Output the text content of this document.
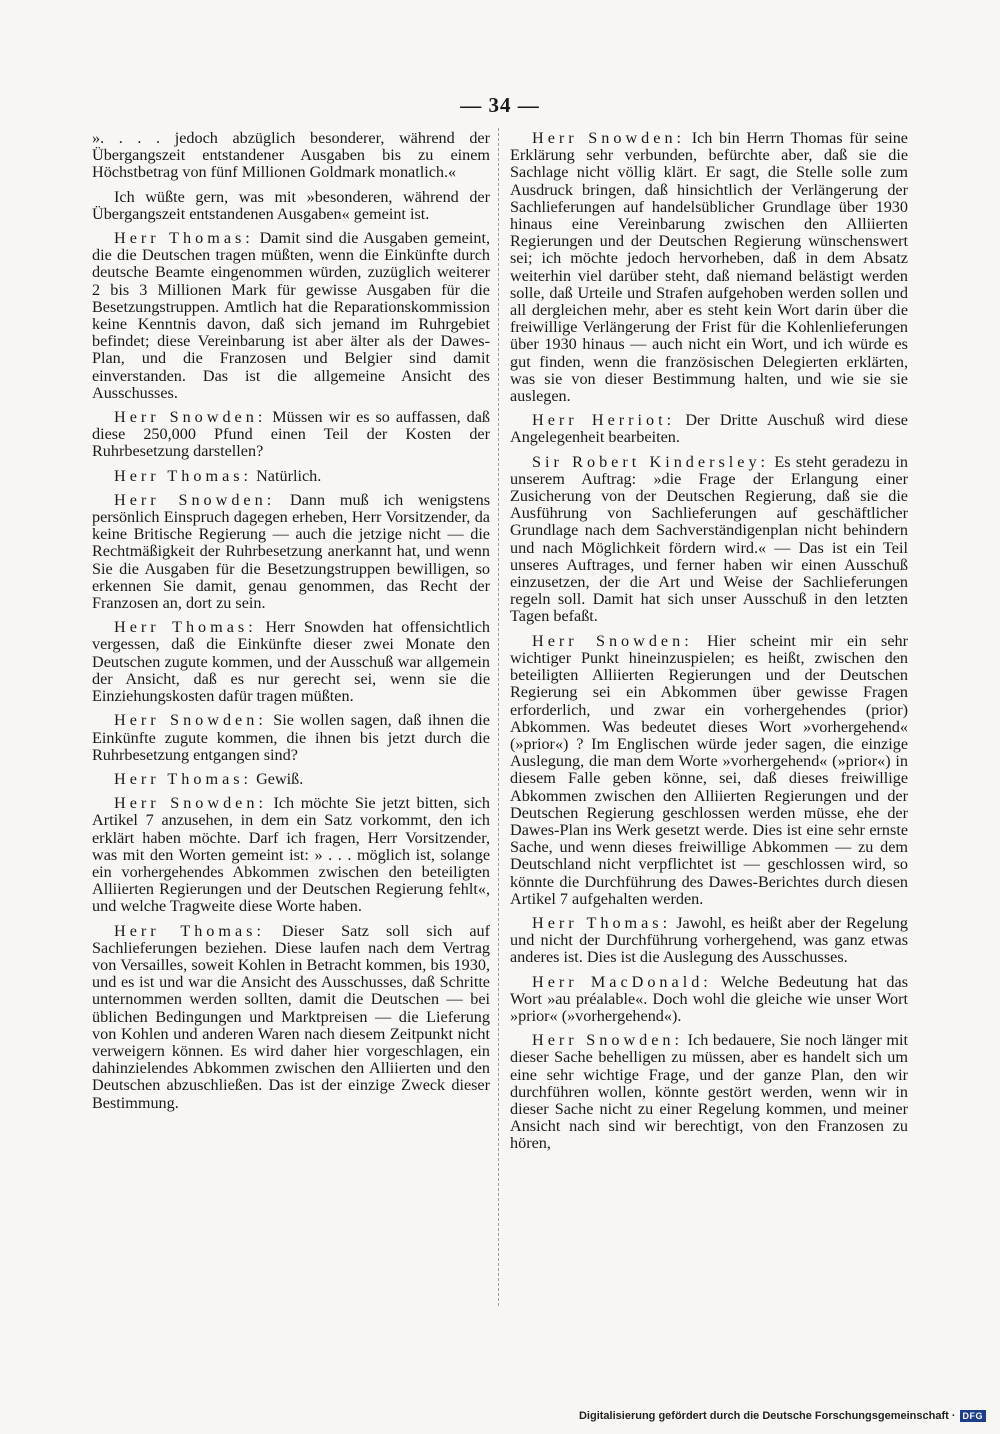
— 34 —

». . . . jedoch abzüglich besonderer, während der Übergangszeit entstandener Ausgaben bis zu einem Höchstbetrag von fünf Millionen Goldmark monatlich.«

Ich wüßte gern, was mit »besonderen, während der Übergangszeit entstandenen Ausgaben« gemeint ist.

Herr Thomas: Damit sind die Ausgaben gemeint, die die Deutschen tragen müßten, wenn die Einkünfte durch deutsche Beamte eingenommen würden, zuzüglich weiterer 2 bis 3 Millionen Mark für gewisse Ausgaben für die Besetzungstruppen. Amtlich hat die Reparationskommission keine Kenntnis davon, daß sich jemand im Ruhrgebiet befindet; diese Vereinbarung ist aber älter als der Dawes-Plan, und die Franzosen und Belgier sind damit einverstanden. Das ist die allgemeine Ansicht des Ausschusses.

Herr Snowden: Müssen wir es so auffassen, daß diese 250,000 Pfund einen Teil der Kosten der Ruhrbesetzung darstellen?

Herr Thomas: Natürlich.

Herr Snowden: Dann muß ich wenigstens persönlich Einspruch dagegen erheben, Herr Vorsitzender, da keine Britische Regierung — auch die jetzige nicht — die Rechtmäßigkeit der Ruhrbesetzung anerkannt hat, und wenn Sie die Ausgaben für die Besetzungstruppen bewilligen, so erkennen Sie damit, genau genommen, das Recht der Franzosen an, dort zu sein.

Herr Thomas: Herr Snowden hat offensichtlich vergessen, daß die Einkünfte dieser zwei Monate den Deutschen zugute kommen, und der Ausschuß war allgemein der Ansicht, daß es nur gerecht sei, wenn sie die Einziehungskosten dafür tragen müßten.

Herr Snowden: Sie wollen sagen, daß ihnen die Einkünfte zugute kommen, die ihnen bis jetzt durch die Ruhrbesetzung entgangen sind?

Herr Thomas: Gewiß.

Herr Snowden: Ich möchte Sie jetzt bitten, sich Artikel 7 anzusehen, in dem ein Satz vorkommt, den ich erklärt haben möchte. Darf ich fragen, Herr Vorsitzender, was mit den Worten gemeint ist: » . . . möglich ist, solange ein vorhergehendes Abkommen zwischen den beteiligten Alliierten Regierungen und der Deutschen Regierung fehlt«, und welche Tragweite diese Worte haben.

Herr Thomas: Dieser Satz soll sich auf Sachlieferungen beziehen. Diese laufen nach dem Vertrag von Versailles, soweit Kohlen in Betracht kommen, bis 1930, und es ist und war die Ansicht des Ausschusses, daß Schritte unternommen werden sollten, damit die Deutschen — bei üblichen Bedingungen und Marktpreisen — die Lieferung von Kohlen und anderen Waren nach diesem Zeitpunkt nicht verweigern können. Es wird daher hier vorgeschlagen, ein dahinzielendes Abkommen zwischen den Alliierten und den Deutschen abzuschließen. Das ist der einzige Zweck dieser Bestimmung.

Herr Snowden: Ich bin Herrn Thomas für seine Erklärung sehr verbunden, befürchte aber, daß sie die Sachlage nicht völlig klärt. Er sagt, die Stelle solle zum Ausdruck bringen, daß hinsichtlich der Verlängerung der Sachlieferungen auf handelsüblicher Grundlage über 1930 hinaus eine Vereinbarung zwischen den Alliierten Regierungen und der Deutschen Regierung wünschenswert sei; ich möchte jedoch hervorheben, daß in dem Absatz weiterhin viel darüber steht, daß niemand belästigt werden solle, daß Urteile und Strafen aufgehoben werden sollen und all dergleichen mehr, aber es steht kein Wort darin über die freiwillige Verlängerung der Frist für die Kohlenlieferungen über 1930 hinaus — auch nicht ein Wort, und ich würde es gut finden, wenn die französischen Delegierten erklärten, was sie von dieser Bestimmung halten, und wie sie sie auslegen.

Herr Herriot: Der Dritte Auschuß wird diese Angelegenheit bearbeiten.

Sir Robert Kindersley: Es steht geradezu in unserem Auftrag: »die Frage der Erlangung einer Zusicherung von der Deutschen Regierung, daß sie die Ausführung von Sachlieferungen auf geschäftlicher Grundlage nach dem Sachverständigenplan nicht behindern und nach Möglichkeit fördern wird.« — Das ist ein Teil unseres Auftrages, und ferner haben wir einen Ausschuß einzusetzen, der die Art und Weise der Sachlieferungen regeln soll. Damit hat sich unser Ausschuß in den letzten Tagen befaßt.

Herr Snowden: Hier scheint mir ein sehr wichtiger Punkt hineinzuspielen; es heißt, zwischen den beteiligten Alliierten Regierungen und der Deutschen Regierung sei ein Abkommen über gewisse Fragen erforderlich, und zwar ein vorhergehendes (prior) Abkommen. Was bedeutet dieses Wort »vorhergehend« (»prior«) ? Im Englischen würde jeder sagen, die einzige Auslegung, die man dem Worte »vorhergehend« (»prior«) in diesem Falle geben könne, sei, daß dieses freiwillige Abkommen zwischen den Alliierten Regierungen und der Deutschen Regierung geschlossen werden müsse, ehe der Dawes-Plan ins Werk gesetzt werde. Dies ist eine sehr ernste Sache, und wenn dieses freiwillige Abkommen — zu dem Deutschland nicht verpflichtet ist — geschlossen wird, so könnte die Durchführung des Dawes-Berichtes durch diesen Artikel 7 aufgehalten werden.

Herr Thomas: Jawohl, es heißt aber der Regelung und nicht der Durchführung vorhergehend, was ganz etwas anderes ist. Dies ist die Auslegung des Ausschusses.

Herr MacDonald: Welche Bedeutung hat das Wort »au préalable«. Doch wohl die gleiche wie unser Wort »prior« (»vorhergehend«).

Herr Snowden: Ich bedauere, Sie noch länger mit dieser Sache behelligen zu müssen, aber es handelt sich um eine sehr wichtige Frage, und der ganze Plan, den wir durchführen wollen, könnte gestört werden, wenn wir in dieser Sache nicht zu einer Regelung kommen, und meiner Ansicht nach sind wir berechtigt, von den Franzosen zu hören,

Digitalisierung gefördert durch die Deutsche Forschungsgemeinschaft · DFG
